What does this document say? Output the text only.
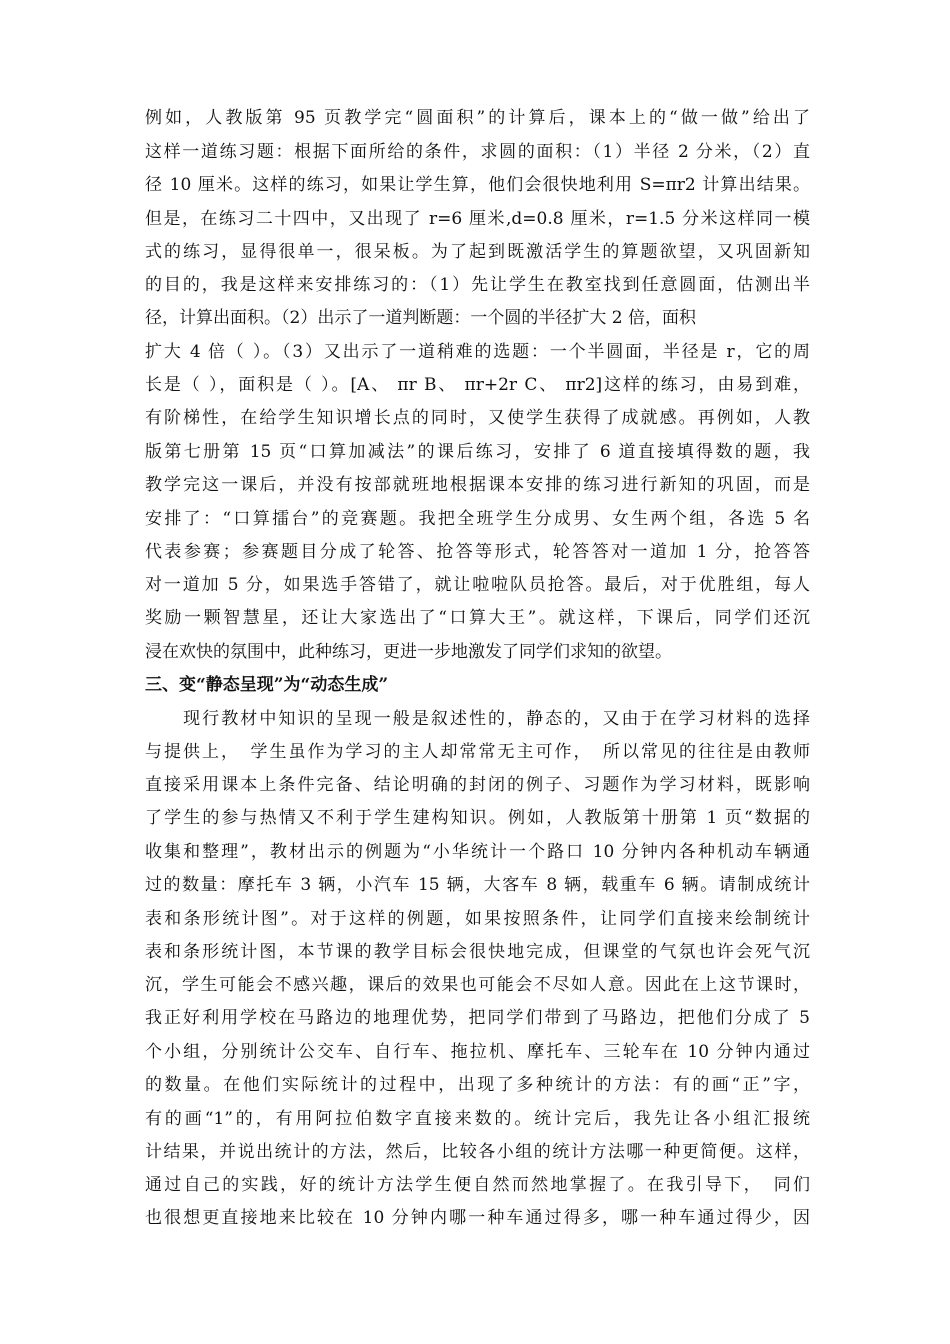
例如，人教版第 95 页教学完“圆面积”的计算后，课本上的“做一做”给出了
这样一道练习题：根据下面所给的条件，求圆的面积：（1）半径 2 分米，（2）直
径 10 厘米。这样的练习，如果让学生算，他们会很快地利用 S=πr2 计算出结果。
但是，在练习二十四中，又出现了 r=6 厘米,d=0.8 厘米，r=1.5 分米这样同一模
式的练习，显得很单一，很呆板。为了起到既激活学生的算题欲望，又巩固新知
的目的，我是这样来安排练习的：（1）先让学生在教室找到任意圆面，估测出半
径，计算出面积。（2）出示了一道判断题：一个圆的半径扩大 2 倍，面积
扩大 4 倍（ ）。（3）又出示了一道稍难的选题：一个半圆面，半径是 r，它的周
长是（ ），面积是（ ）。[A、 πr B、 πr+2r C、 πr2]这样的练习，由易到难，
有阶梯性，在给学生知识增长点的同时，又使学生获得了成就感。再例如，人教
版第七册第 15 页“口算加减法”的课后练习，安排了 6 道直接填得数的题，我
教学完这一课后，并没有按部就班地根据课本安排的练习进行新知的巩固，而是
安排了：“口算擂台”的竞赛题。我把全班学生分成男、女生两个组，各选 5 名
代表参赛；参赛题目分成了轮答、抢答等形式，轮答答对一道加 1 分，抢答答
对一道加 5 分，如果选手答错了，就让啦啦队员抢答。最后，对于优胜组，每人
奖励一颗智慧星，还让大家选出了“口算大王”。就这样，下课后，同学们还沉
浸在欢快的氛围中，此种练习，更进一步地激发了同学们求知的欲望。
三、变“静态呈现”为“动态生成”
　　现行教材中知识的呈现一般是叙述性的，静态的，又由于在学习材料的选择
与提供上，　学生虽作为学习的主人却常常无主可作，　所以常见的往往是由教师
直接采用课本上条件完备、结论明确的封闭的例子、习题作为学习材料，既影响
了学生的参与热情又不利于学生建构知识。例如，人教版第十册第 1 页“数据的
收集和整理”，教材出示的例题为“小华统计一个路口 10 分钟内各种机动车辆通
过的数量：摩托车 3 辆，小汽车 15 辆，大客车 8 辆，载重车 6 辆。请制成统计
表和条形统计图”。对于这样的例题，如果按照条件，让同学们直接来绘制统计
表和条形统计图，本节课的教学目标会很快地完成，但课堂的气氛也许会死气沉
沉，学生可能会不感兴趣，课后的效果也可能会不尽如人意。因此在上这节课时，
我正好利用学校在马路边的地理优势，把同学们带到了马路边，把他们分成了 5
个小组，分别统计公交车、自行车、拖拉机、摩托车、三轮车在 10 分钟内通过
的数量。在他们实际统计的过程中，出现了多种统计的方法：有的画“正”字，
有的画“1”的，有用阿拉伯数字直接来数的。统计完后，我先让各小组汇报统
计结果，并说出统计的方法，然后，比较各小组的统计方法哪一种更简便。这样，
通过自己的实践，好的统计方法学生便自然而然地掌握了。在我引导下，　同们
也很想更直接地来比较在 10 分钟内哪一种车通过得多，哪一种车通过得少，因
